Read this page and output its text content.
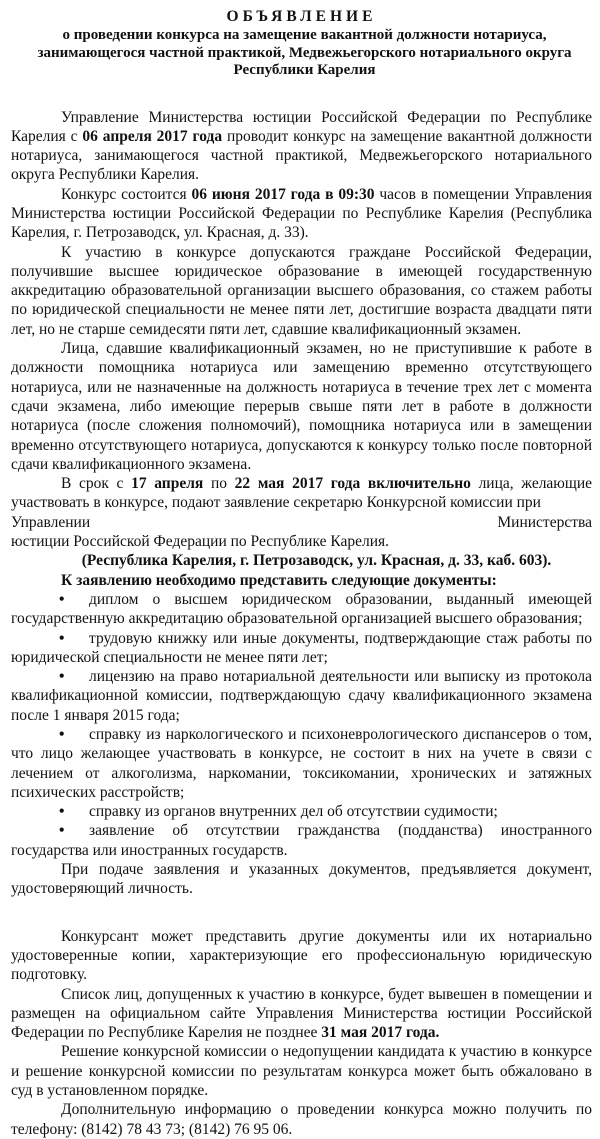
ОБЪЯВЛЕНИЕ
о проведении конкурса на замещение вакантной должности нотариуса, занимающегося частной практикой, Медвежьегорского нотариального округа Республики Карелия

Управление Министерства юстиции Российской Федерации по Республике Карелия с 06 апреля 2017 года проводит конкурс на замещение вакантной должности нотариуса, занимающегося частной практикой, Медвежьегорского нотариального округа Республики Карелия.

Конкурс состоится 06 июня 2017 года в 09:30 часов в помещении Управления Министерства юстиции Российской Федерации по Республике Карелия (Республика Карелия, г. Петрозаводск, ул. Красная, д. 33).

К участию в конкурсе допускаются граждане Российской Федерации, получившие высшее юридическое образование в имеющей государственную аккредитацию образовательной организации высшего образования, со стажем работы по юридической специальности не менее пяти лет, достигшие возраста двадцати пяти лет, но не старше семидесяти пяти лет, сдавшие квалификационный экзамен.

Лица, сдавшие квалификационный экзамен, но не приступившие к работе в должности помощника нотариуса или замещению временно отсутствующего нотариуса, или не назначенные на должность нотариуса в течение трех лет с момента сдачи экзамена, либо имеющие перерыв свыше пяти лет в работе в должности нотариуса (после сложения полномочий), помощника нотариуса или в замещении временно отсутствующего нотариуса, допускаются к конкурсу только после повторной сдачи квалификационного экзамена.

В срок с 17 апреля по 22 мая 2017 года включительно лица, желающие участвовать в конкурсе, подают заявление секретарю Конкурсной комиссии при

Управлении	Министерства

юстиции Российской Федерации по Республике Карелия.

(Республика Карелия, г. Петрозаводск, ул. Красная, д. 33, каб. 603).

К заявлению необходимо представить следующие документы:

• диплом о высшем юридическом образовании, выданный имеющей государственную аккредитацию образовательной организацией высшего образования;

• трудовую книжку или иные документы, подтверждающие стаж работы по юридической специальности не менее пяти лет;

• лицензию на право нотариальной деятельности или выписку из протокола квалификационной комиссии, подтверждающую сдачу квалификационного экзамена после 1 января 2015 года;

• справку из наркологического и психоневрологического диспансеров о том, что лицо желающее участвовать в конкурсе, не состоит в них на учете в связи с лечением от алкоголизма, наркомании, токсикомании, хронических и затяжных психических расстройств;

• справку из органов внутренних дел об отсутствии судимости;

• заявление об отсутствии гражданства (подданства) иностранного государства или иностранных государств.

При подаче заявления и указанных документов, предъявляется документ, удостоверяющий личность.

Конкурсант может представить другие документы или их нотариально удостоверенные копии, характеризующие его профессиональную юридическую подготовку.

Список лиц, допущенных к участию в конкурсе, будет вывешен в помещении и размещен на официальном сайте Управления Министерства юстиции Российской Федерации по Республике Карелия не позднее 31 мая 2017 года.

Решение конкурсной комиссии о недопущении кандидата к участию в конкурсе и решение конкурсной комиссии по результатам конкурса может быть обжаловано в суд в установленном порядке.

Дополнительную информацию о проведении конкурса можно получить по телефону: (8142) 78 43 73; (8142) 76 95 06.
